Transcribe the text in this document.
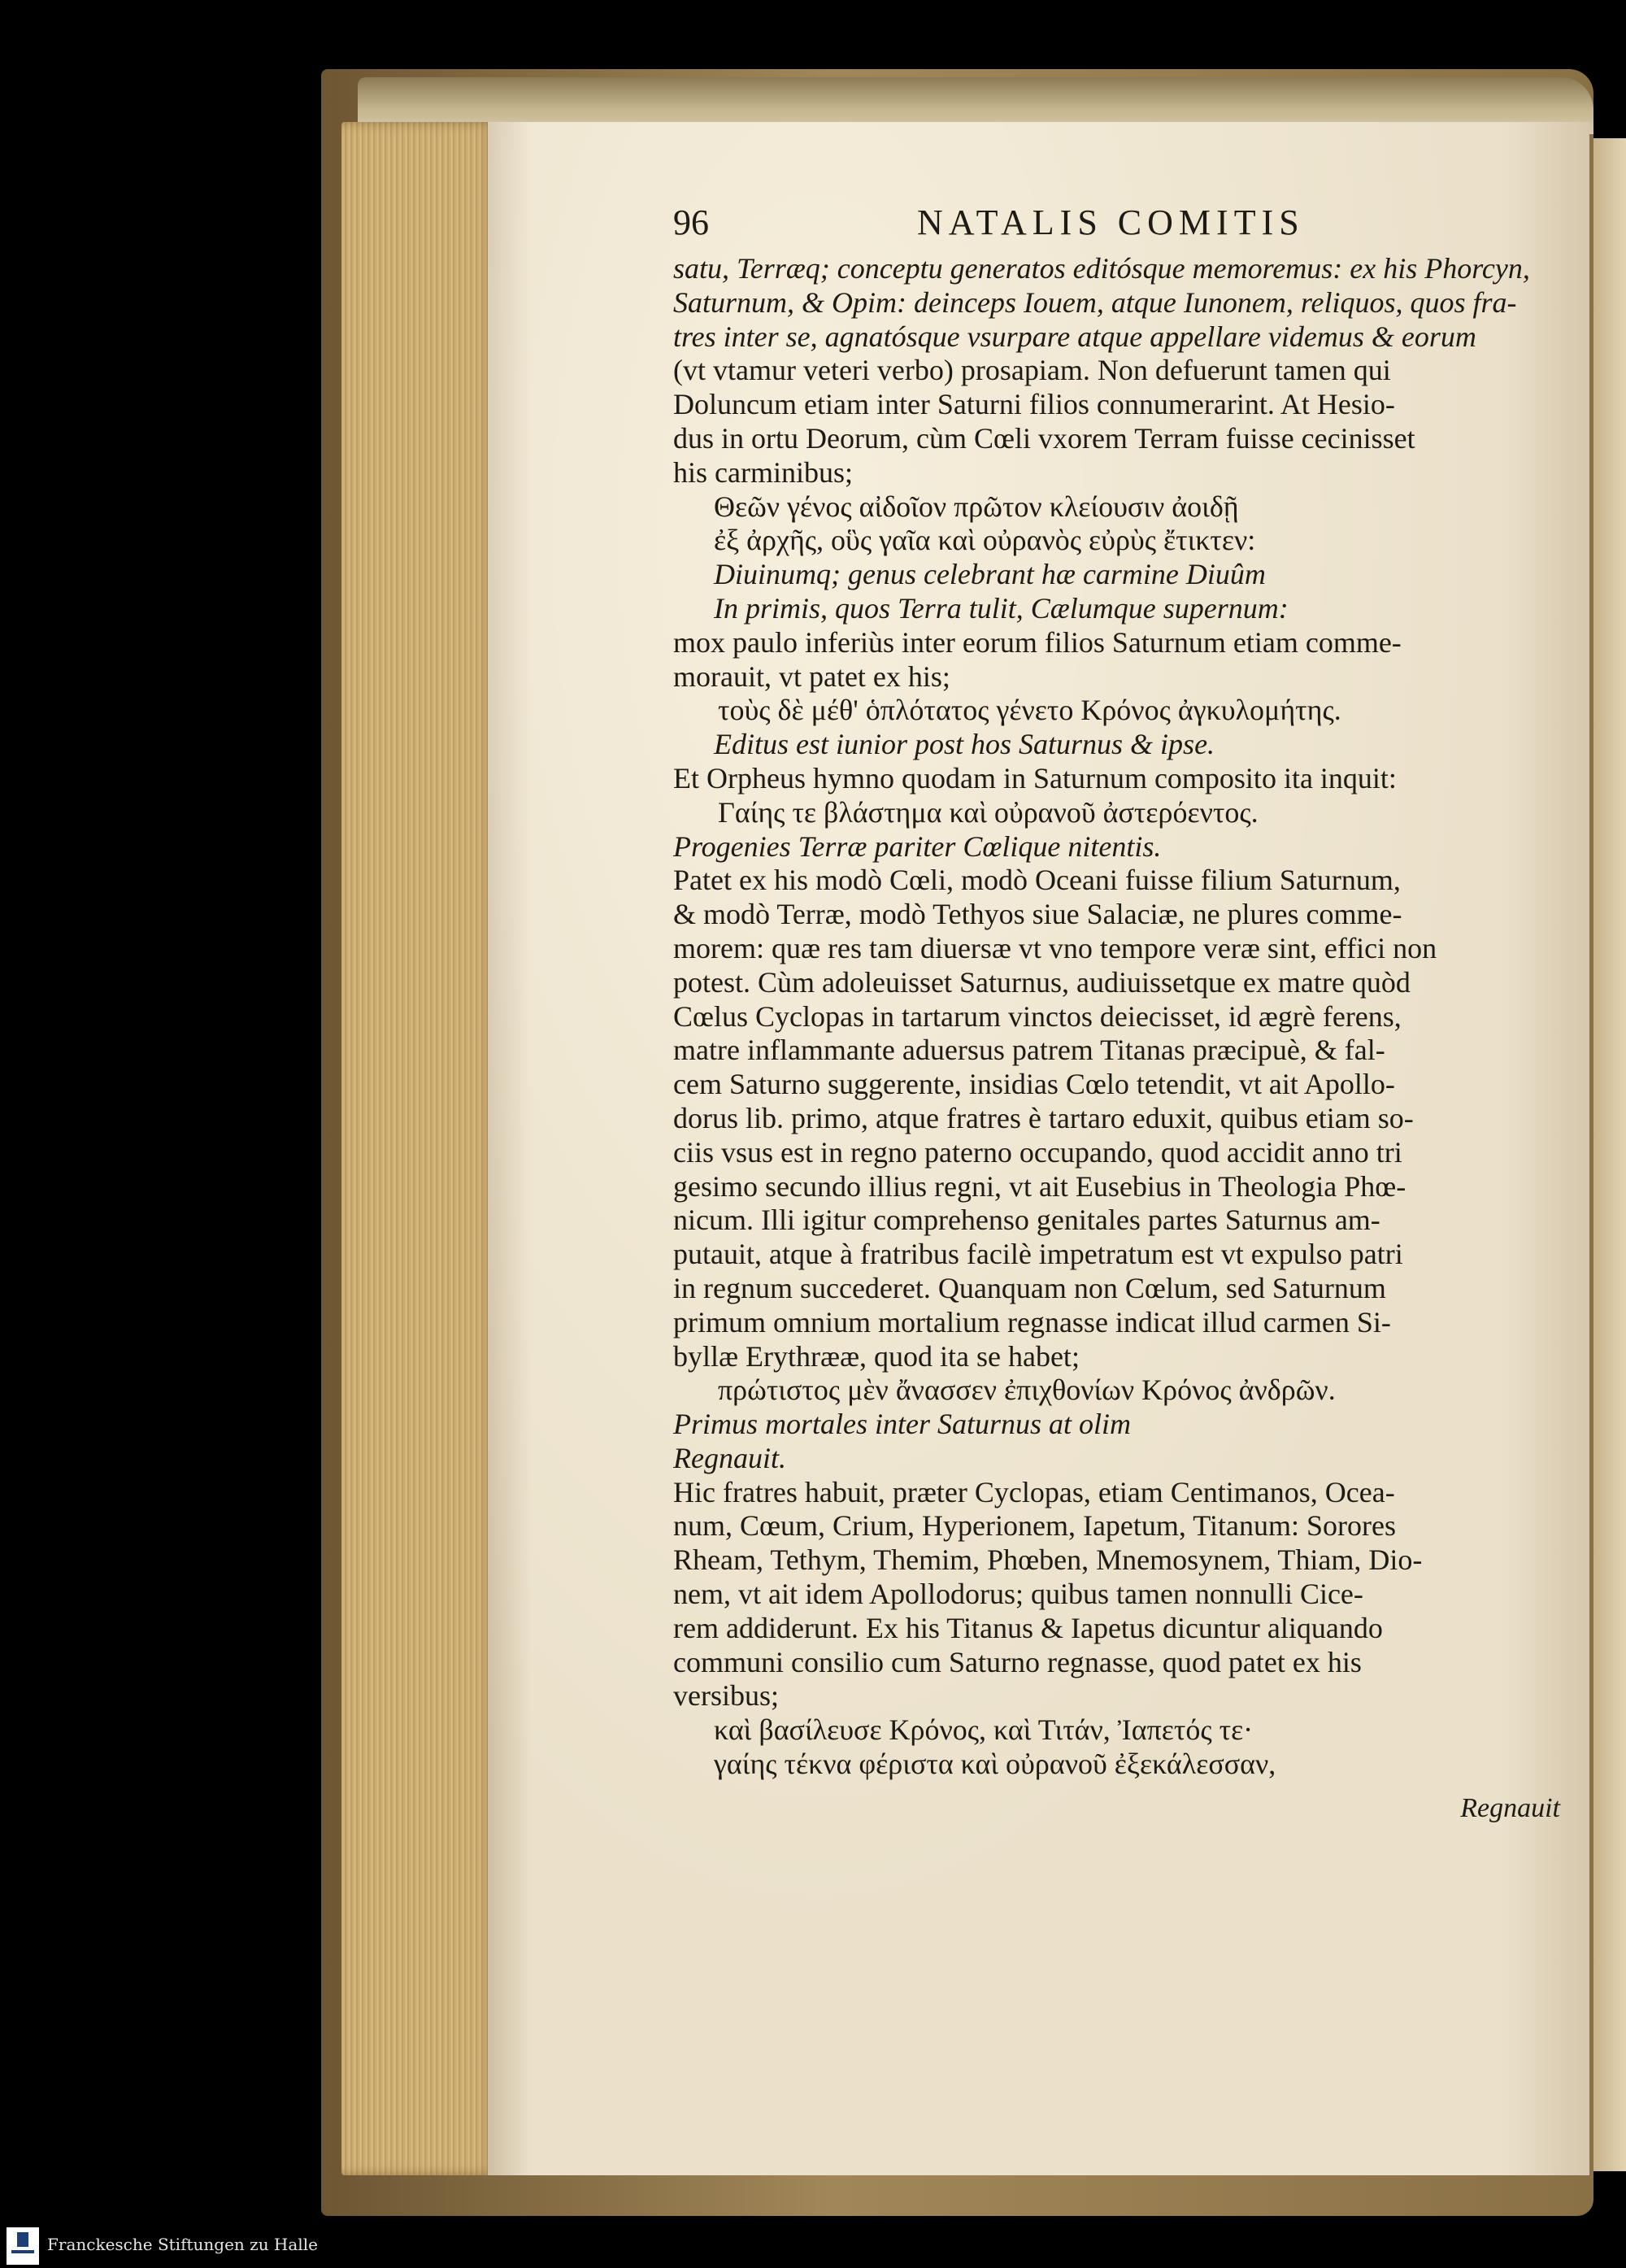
96	NATALIS COMITIS
satu, Terræq; conceptu generatos editósque memoremus: ex his Phorcyn,
Saturnum, & Opim: deinceps Iouem, atque Iunonem, reliquos, quos fra-
tres inter se, agnatósque vsurpare atque appellare videmus & eorum
(vt vtamur veteri verbo) prosapiam. Non defuerunt tamen qui
Doluncum etiam inter Saturni filios connumerarint. At Hesio-
dus in ortu Deorum, cùm Cœli vxorem Terram fuisse cecinisset
his carminibus;
Θεῶν γένος αἰδοῖον πρῶτον κλείουσιν ἀοιδῇ
ἐξ ἀρχῆς, οὓς γαῖα καὶ οὐρανὸς εὐρὺς ἔτικτεν:
Diuinumq; genus celebrant hæ carmine Diuûm
In primis, quos Terra tulit, Cælumque supernum:
mox paulo inferiùs inter eorum filios Saturnum etiam comme-
morauit, vt patet ex his;
τοὺς δὲ μέθ' ὁπλότατος γένετο Κρόνος ἀγκυλομήτης.
Editus est iunior post hos Saturnus & ipse.
Et Orpheus hymno quodam in Saturnum composito ita inquit:
Γαίης τε βλάστημα καὶ οὐρανοῦ ἀστερόεντος.
Progenies Terræ pariter Cœlique nitentis.
Patet ex his modò Cœli, modò Oceani fuisse filium Saturnum,
& modò Terræ, modò Tethyos siue Salaciæ, ne plures comme-
morem: quæ res tam diuersæ vt vno tempore veræ sint, effici non
potest. Cùm adoleuisset Saturnus, audiuissetque ex matre quòd
Cœlus Cyclopas in tartarum vinctos deiecisset, id ægrè ferens,
matre inflammante aduersus patrem Titanas præcipuè, & fal-
cem Saturno suggerente, insidias Cœlo tetendit, vt ait Apollo-
dorus lib. primo, atque fratres è tartaro eduxit, quibus etiam so-
ciis vsus est in regno paterno occupando, quod accidit anno tri
gesimo secundo illius regni, vt ait Eusebius in Theologia Phœ-
nicum. Illi igitur comprehenso genitales partes Saturnus am-
putauit, atque à fratribus facilè impetratum est vt expulso patri
in regnum succederet. Quanquam non Cœlum, sed Saturnum
primum omnium mortalium regnasse indicat illud carmen Si-
byllæ Erythrææ, quod ita se habet;
πρώτιστος μὲν ἄνασσεν ἐπιχθονίων Κρόνος ἀνδρῶν.
Primus mortales inter Saturnus at olim
Regnauit.
Hic fratres habuit, præter Cyclopas, etiam Centimanos, Ocea-
num, Cœum, Crium, Hyperionem, Iapetum, Titanum: Sorores
Rheam, Tethym, Themim, Phœben, Mnemosynem, Thiam, Dio-
nem, vt ait idem Apollodorus; quibus tamen nonnulli Cice-
rem addiderunt. Ex his Titanus & Iapetus dicuntur aliquando
communi consilio cum Saturno regnasse, quod patet ex his
versibus;
καὶ βασίλευσε Κρόνος, καὶ Τιτάν, Ἰαπετός τε·
γαίης τέκνα φέριστα καὶ οὐρανοῦ ἐξεκάλεσσαν,
Regnauit
Franckesche Stiftungen zu Halle
